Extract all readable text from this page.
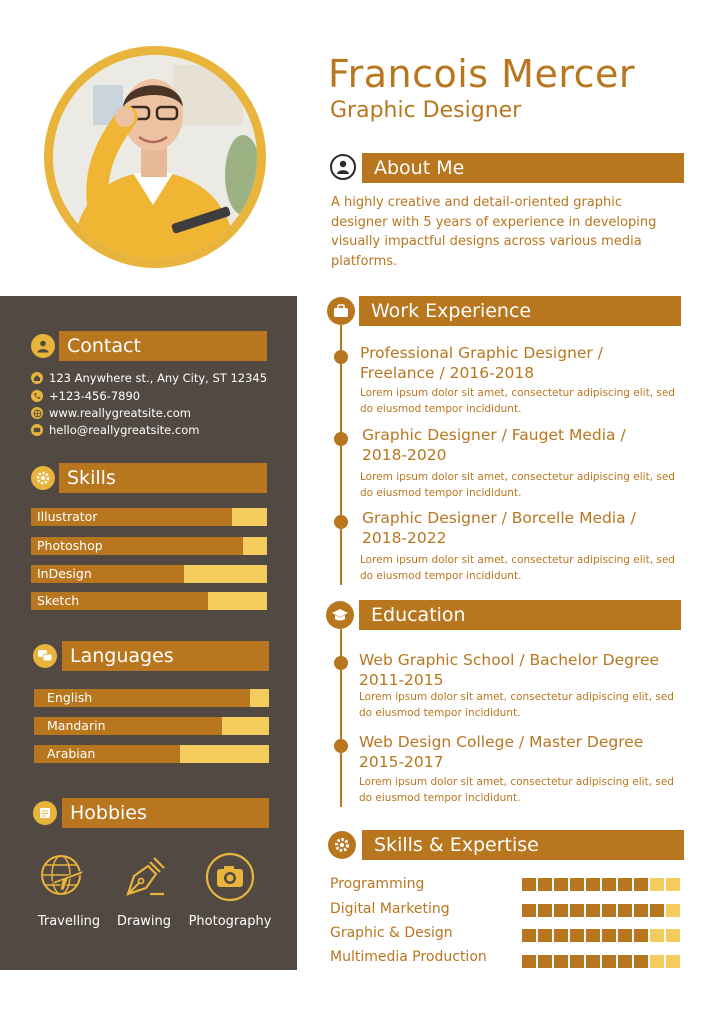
Francois Mercer
Graphic Designer
About Me
A highly creative and detail-oriented graphic designer with 5 years of experience in developing visually impactful designs across various media platforms.
Contact
123 Anywhere st., Any City, ST 12345
+123-456-7890
www.reallygreatsite.com
hello@reallygreatsite.com
Skills
Illustrator
Photoshop
InDesign
Sketch
Languages
English
Mandarin
Arabian
Hobbies
Travelling	Drawing	Photography
Work Experience
Professional Graphic Designer / Freelance / 2016-2018
Lorem ipsum dolor sit amet, consectetur adipiscing elit, sed do eiusmod tempor incididunt.
Graphic Designer / Fauget Media / 2018-2020
Lorem ipsum dolor sit amet, consectetur adipiscing elit, sed do eiusmod tempor incididunt.
Graphic Designer / Borcelle Media / 2018-2022
Lorem ipsum dolor sit amet, consectetur adipiscing elit, sed do eiusmod tempor incididunt.
Education
Web Graphic School / Bachelor Degree 2011-2015
Lorem ipsum dolor sit amet, consectetur adipiscing elit, sed do eiusmod tempor incididunt.
Web Design College / Master Degree 2015-2017
Lorem ipsum dolor sit amet, consectetur adipiscing elit, sed do eiusmod tempor incididunt.
Skills & Expertise
Programming
Digital Marketing
Graphic & Design
Multimedia Production
